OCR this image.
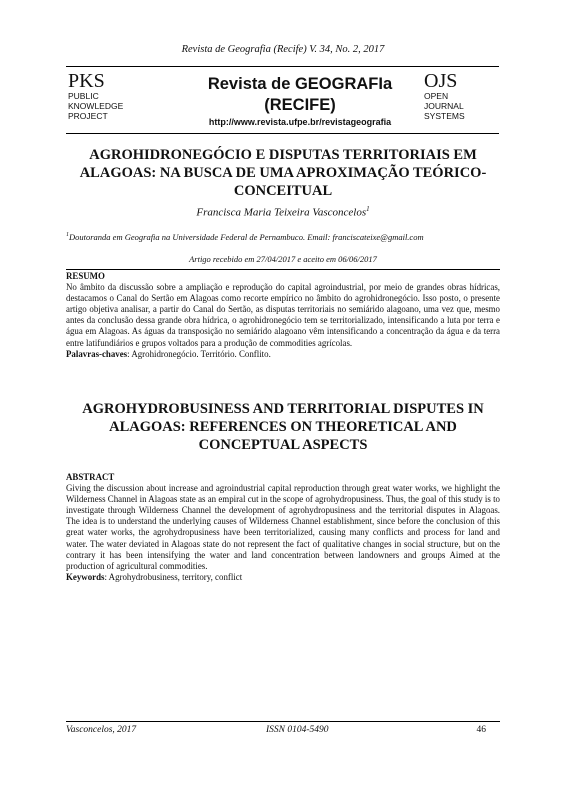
Revista de Geografia (Recife) V. 34, No. 2, 2017
PKS
PUBLIC
KNOWLEDGE
PROJECT
Revista de GEOGRAFIa
(RECIFE)
http://www.revista.ufpe.br/revistageografia
OJS
OPEN
JOURNAL
SYSTEMS
AGROHIDRONEGÓCIO E DISPUTAS TERRITORIAIS EM ALAGOAS: NA BUSCA DE UMA APROXIMAÇÃO TEÓRICO-CONCEITUAL
Francisca Maria Teixeira Vasconcelos$^1$
$^1$Doutoranda em Geografia na Universidade Federal de Pernambuco. Email: franciscateixe@gmail.com
Artigo recebido em 27/04/2017 e aceito em 06/06/2017
RESUMO
No âmbito da discussão sobre a ampliação e reprodução do capital agroindustrial, por meio de grandes obras hídricas, destacamos o Canal do Sertão em Alagoas como recorte empírico no âmbito do agrohidronegócio. Isso posto, o presente artigo objetiva analisar, a partir do Canal do Sertão, as disputas territoriais no semiárido alagoano, uma vez que, mesmo antes da conclusão dessa grande obra hídrica, o agrohidronegócio tem se territorializado, intensificando a luta por terra e água em Alagoas. As águas da transposição no semiárido alagoano vêm intensificando a concentração da água e da terra entre latifundiários e grupos voltados para a produção de commodities agrícolas.
Palavras-chaves: Agrohidronegócio. Território. Conflito.
AGROHYDROBUSINESS AND TERRITORIAL DISPUTES IN ALAGOAS: REFERENCES ON THEORETICAL AND CONCEPTUAL ASPECTS
ABSTRACT
Giving the discussion about increase and agroindustrial capital reproduction through great water works, we highlight the Wilderness Channel in Alagoas state as an empiral cut in the scope of agrohydropusiness. Thus, the goal of this study is to investigate through Wilderness Channel the development of agrohydropusiness and the territorial disputes in Alagoas. The idea is to understand the underlying causes of Wilderness Channel establishment, since before the conclusion of this great water works, the agrohydropusiness have been territorialized, causing many conflicts and process for land and water. The water deviated in Alagoas state do not represent the fact of qualitative changes in social structure, but on the contrary it has been intensifying the water and land concentration between landowners and groups Aimed at the production of agricultural commodities.
Keywords: Agrohydrobusiness, territory, conflict
Vasconcelos, 2017	ISSN 0104-5490	46
